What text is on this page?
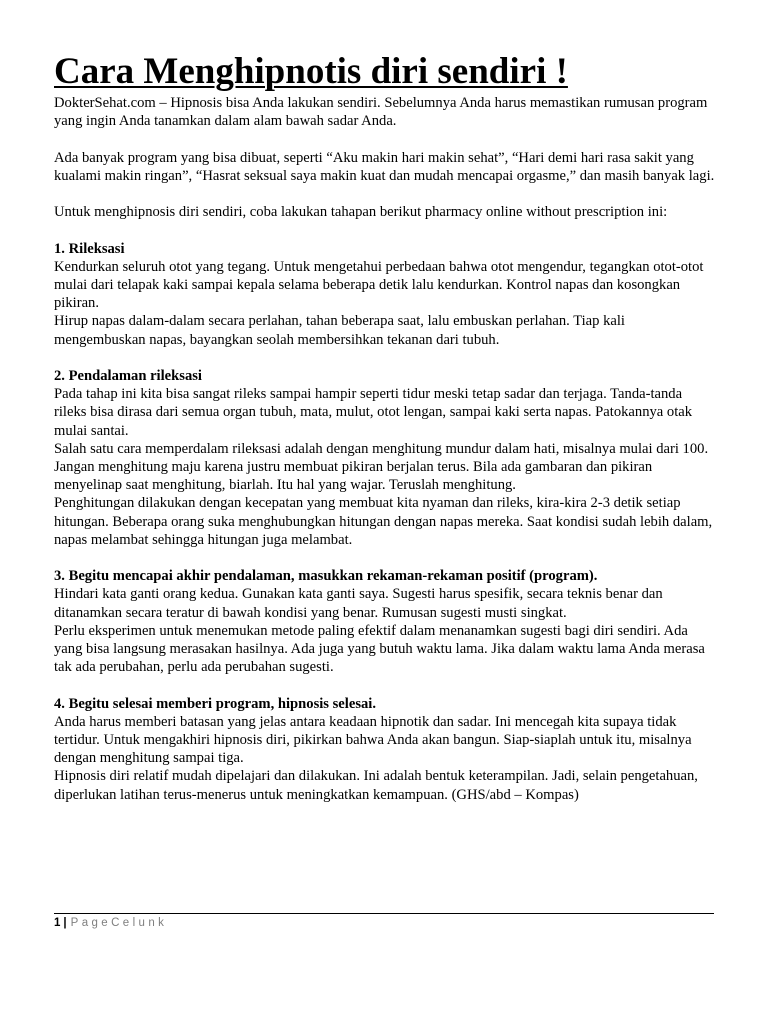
Cara Menghipnotis diri sendiri !

DokterSehat.com – Hipnosis bisa Anda lakukan sendiri. Sebelumnya Anda harus memastikan rumusan program yang ingin Anda tanamkan dalam alam bawah sadar Anda.

Ada banyak program yang bisa dibuat, seperti “Aku makin hari makin sehat”, “Hari demi hari rasa sakit yang kualami makin ringan”, “Hasrat seksual saya makin kuat dan mudah mencapai orgasme,” dan masih banyak lagi.

Untuk menghipnosis diri sendiri, coba lakukan tahapan berikut pharmacy online without prescription ini:

1. Rileksasi

Kendurkan seluruh otot yang tegang. Untuk mengetahui perbedaan bahwa otot mengendur, tegangkan otot-otot mulai dari telapak kaki sampai kepala selama beberapa detik lalu kendurkan. Kontrol napas dan kosongkan pikiran.

Hirup napas dalam-dalam secara perlahan, tahan beberapa saat, lalu embuskan perlahan. Tiap kali mengembuskan napas, bayangkan seolah membersihkan tekanan dari tubuh.

2. Pendalaman rileksasi

Pada tahap ini kita bisa sangat rileks sampai hampir seperti tidur meski tetap sadar dan terjaga. Tanda-tanda rileks bisa dirasa dari semua organ tubuh, mata, mulut, otot lengan, sampai kaki serta napas. Patokannya otak mulai santai.

Salah satu cara memperdalam rileksasi adalah dengan menghitung mundur dalam hati, misalnya mulai dari 100. Jangan menghitung maju karena justru membuat pikiran berjalan terus. Bila ada gambaran dan pikiran menyelinap saat menghitung, biarlah. Itu hal yang wajar. Teruslah menghitung.

Penghitungan dilakukan dengan kecepatan yang membuat kita nyaman dan rileks, kira-kira 2-3 detik setiap hitungan. Beberapa orang suka menghubungkan hitungan dengan napas mereka. Saat kondisi sudah lebih dalam, napas melambat sehingga hitungan juga melambat.

3. Begitu mencapai akhir pendalaman, masukkan rekaman-rekaman positif (program).

Hindari kata ganti orang kedua. Gunakan kata ganti saya. Sugesti harus spesifik, secara teknis benar dan ditanamkan secara teratur di bawah kondisi yang benar. Rumusan sugesti musti singkat.

Perlu eksperimen untuk menemukan metode paling efektif dalam menanamkan sugesti bagi diri sendiri. Ada yang bisa langsung merasakan hasilnya. Ada juga yang butuh waktu lama. Jika dalam waktu lama Anda merasa tak ada perubahan, perlu ada perubahan sugesti.

4. Begitu selesai memberi program, hipnosis selesai.

Anda harus memberi batasan yang jelas antara keadaan hipnotik dan sadar. Ini mencegah kita supaya tidak tertidur. Untuk mengakhiri hipnosis diri, pikirkan bahwa Anda akan bangun. Siap-siaplah untuk itu, misalnya dengan menghitung sampai tiga.

Hipnosis diri relatif mudah dipelajari dan dilakukan. Ini adalah bentuk keterampilan. Jadi, selain pengetahuan, diperlukan latihan terus-menerus untuk meningkatkan kemampuan. (GHS/abd – Kompas)

1 | PageCelunk
